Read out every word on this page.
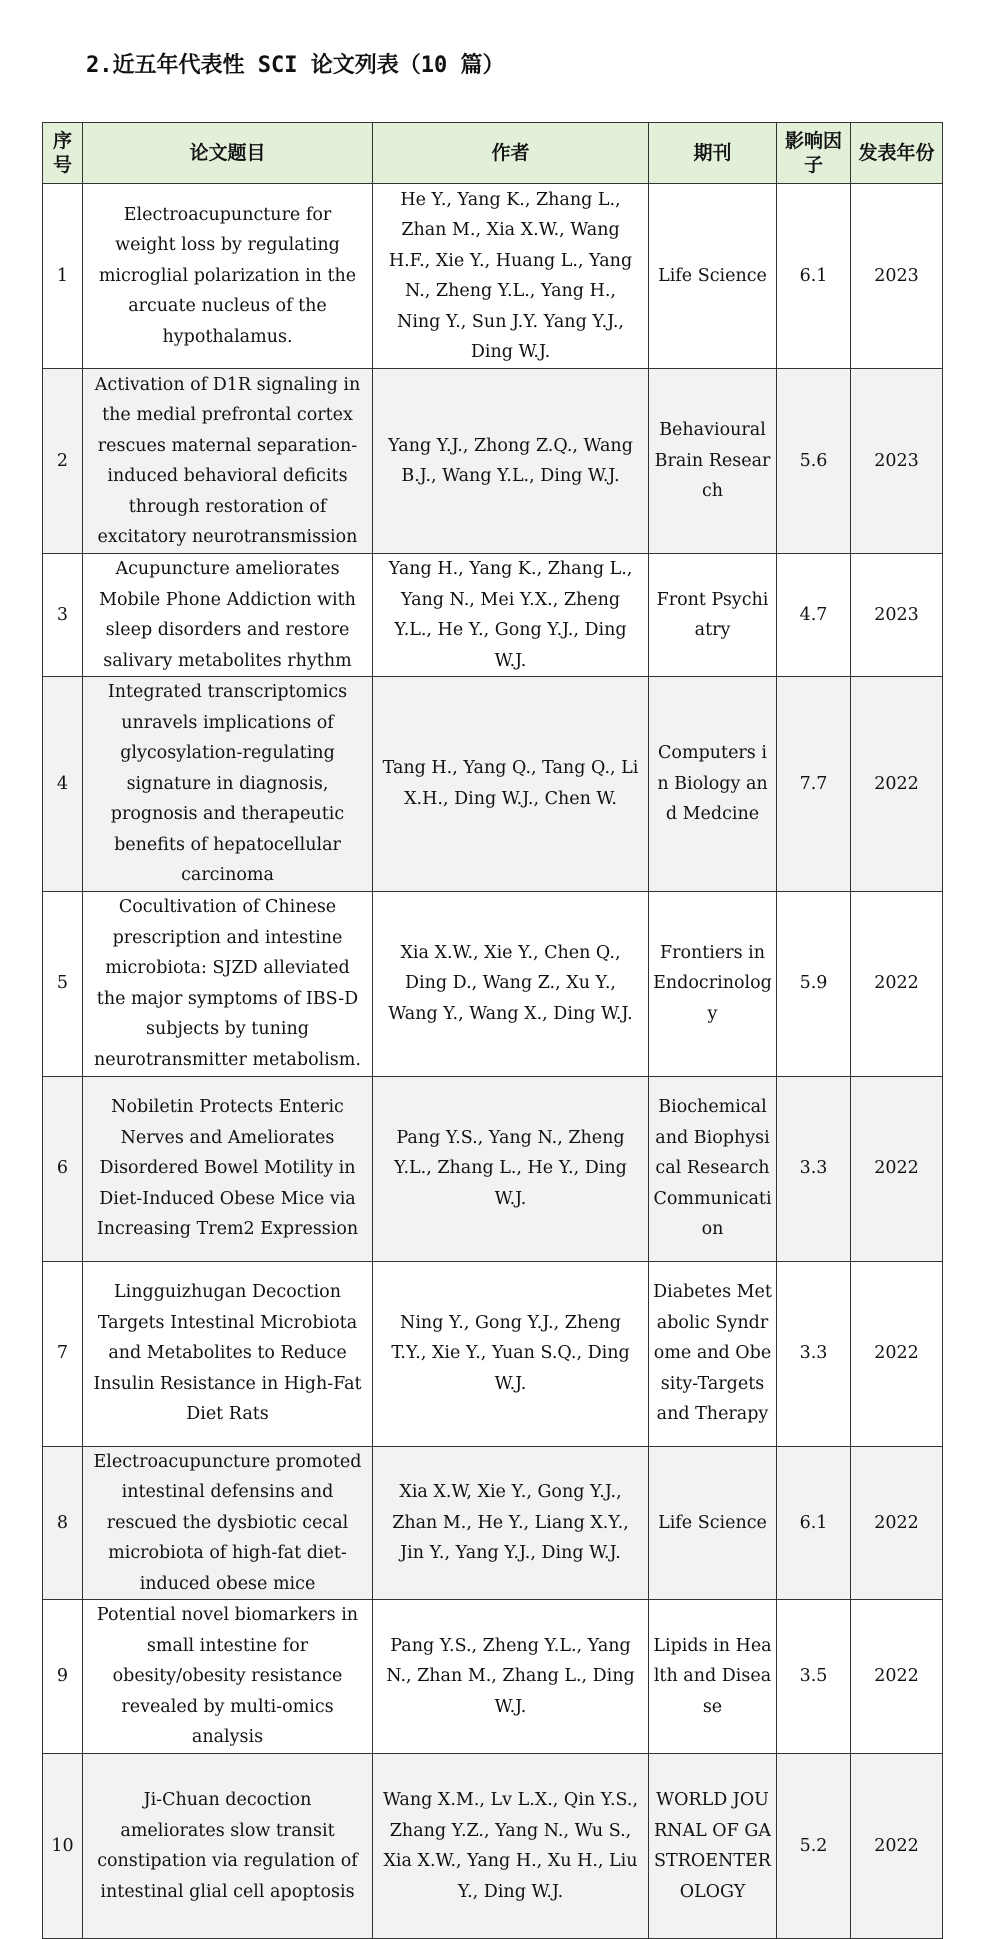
2.近五年代表性 SCI 论文列表（10 篇）
序号	论文题目	作者	期刊	影响因子	发表年份
1	Electroacupuncture for weight loss by regulating microglial polarization in the arcuate nucleus of the hypothalamus.	He Y., Yang K., Zhang L., Zhan M., Xia X.W., Wang H.F., Xie Y., Huang L., Yang N., Zheng Y.L., Yang H., Ning Y., Sun J.Y. Yang Y.J., Ding W.J.	Life Science	6.1	2023
2	Activation of D1R signaling in the medial prefrontal cortex rescues maternal separation-induced behavioral deficits through restoration of excitatory neurotransmission	Yang Y.J., Zhong Z.Q., Wang B.J., Wang Y.L., Ding W.J.	Behavioural Brain Research	5.6	2023
3	Acupuncture ameliorates Mobile Phone Addiction with sleep disorders and restore salivary metabolites rhythm	Yang H., Yang K., Zhang L., Yang N., Mei Y.X., Zheng Y.L., He Y., Gong Y.J., Ding W.J.	Front Psychiatry	4.7	2023
4	Integrated transcriptomics unravels implications of glycosylation-regulating signature in diagnosis, prognosis and therapeutic benefits of hepatocellular carcinoma	Tang H., Yang Q., Tang Q., Li X.H., Ding W.J., Chen W.	Computers in Biology and Medcine	7.7	2022
5	Cocultivation of Chinese prescription and intestine microbiota: SJZD alleviated the major symptoms of IBS-D subjects by tuning neurotransmitter metabolism.	Xia X.W., Xie Y., Chen Q., Ding D., Wang Z., Xu Y., Wang Y., Wang X., Ding W.J.	Frontiers in Endocrinology	5.9	2022
6	Nobiletin Protects Enteric Nerves and Ameliorates Disordered Bowel Motility in Diet-Induced Obese Mice via Increasing Trem2 Expression	Pang Y.S., Yang N., Zheng Y.L., Zhang L., He Y., Ding W.J.	Biochemical and Biophysical Research Communication	3.3	2022
7	Lingguizhugan Decoction Targets Intestinal Microbiota and Metabolites to Reduce Insulin Resistance in High-Fat Diet Rats	Ning Y., Gong Y.J., Zheng T.Y., Xie Y., Yuan S.Q., Ding W.J.	Diabetes Metabolic Syndrome and Obesity-Targets and Therapy	3.3	2022
8	Electroacupuncture promoted intestinal defensins and rescued the dysbiotic cecal microbiota of high-fat diet-induced obese mice	Xia X.W, Xie Y., Gong Y.J., Zhan M., He Y., Liang X.Y., Jin Y., Yang Y.J., Ding W.J.	Life Science	6.1	2022
9	Potential novel biomarkers in small intestine for obesity/obesity resistance revealed by multi-omics analysis	Pang Y.S., Zheng Y.L., Yang N., Zhan M., Zhang L., Ding W.J.	Lipids in Health and Disease	3.5	2022
10	Ji-Chuan decoction ameliorates slow transit constipation via regulation of intestinal glial cell apoptosis	Wang X.M., Lv L.X., Qin Y.S., Zhang Y.Z., Yang N., Wu S., Xia X.W., Yang H., Xu H., Liu Y., Ding W.J.	WORLD JOURNAL OF GASTROENTEROLOGY	5.2	2022
